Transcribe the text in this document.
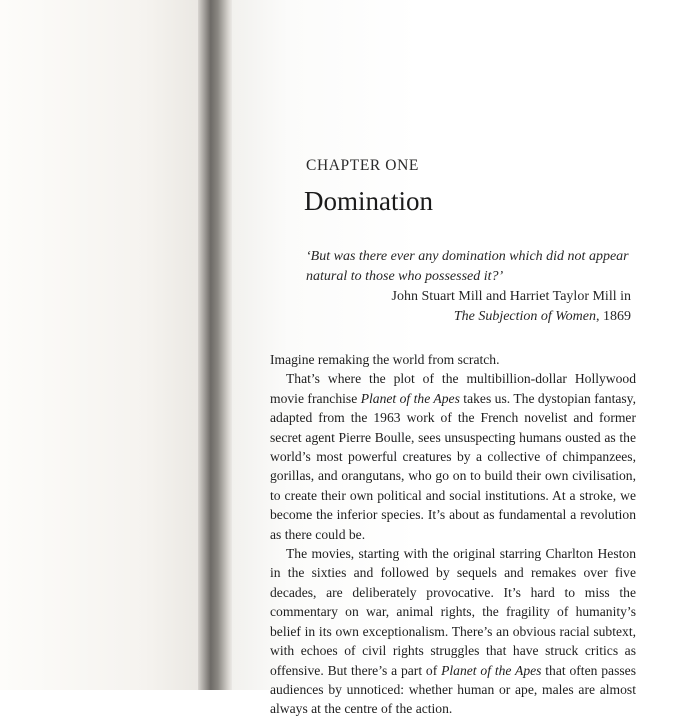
CHAPTER ONE
Domination
‘But was there ever any domination which did not appear natural to those who possessed it?’
John Stuart Mill and Harriet Taylor Mill in
The Subjection of Women, 1869

Imagine remaking the world from scratch.

That’s where the plot of the multibillion-dollar Hollywood movie franchise Planet of the Apes takes us. The dystopian fantasy, adapted from the 1963 work of the French novelist and former secret agent Pierre Boulle, sees unsuspecting humans ousted as the world’s most powerful creatures by a collective of chimpanzees, gorillas, and orangutans, who go on to build their own civilisation, to create their own political and social institutions. At a stroke, we become the inferior species. It’s about as fundamental a revolution as there could be.

The movies, starting with the original starring Charlton Heston in the sixties and followed by sequels and remakes over five decades, are deliberately provocative. It’s hard to miss the commentary on war, animal rights, the fragility of humanity’s belief in its own exceptionalism. There’s an obvious racial subtext, with echoes of civil rights struggles that have struck critics as offensive. But there’s a part of Planet of the Apes that often passes audiences by unnoticed: whether human or ape, males are almost always at the centre of the action.
